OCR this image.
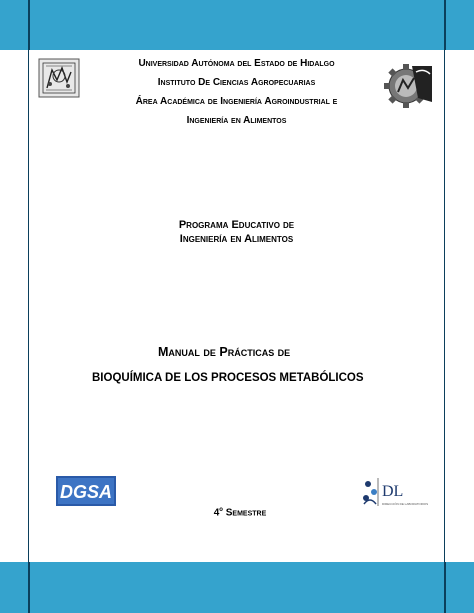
Universidad Autónoma del Estado de Hidalgo
Instituto De Ciencias Agropecuarias
Área Académica de Ingeniería Agroindustrial e
Ingeniería en Alimentos
Programa Educativo de
Ingeniería en Alimentos
Manual de Prácticas de
BIOQUÍMICA DE LOS PROCESOS METABÓLICOS
DGSA	DL
DIRECCIÓN DE LABORATORIOS
4$^o$ Semestre
